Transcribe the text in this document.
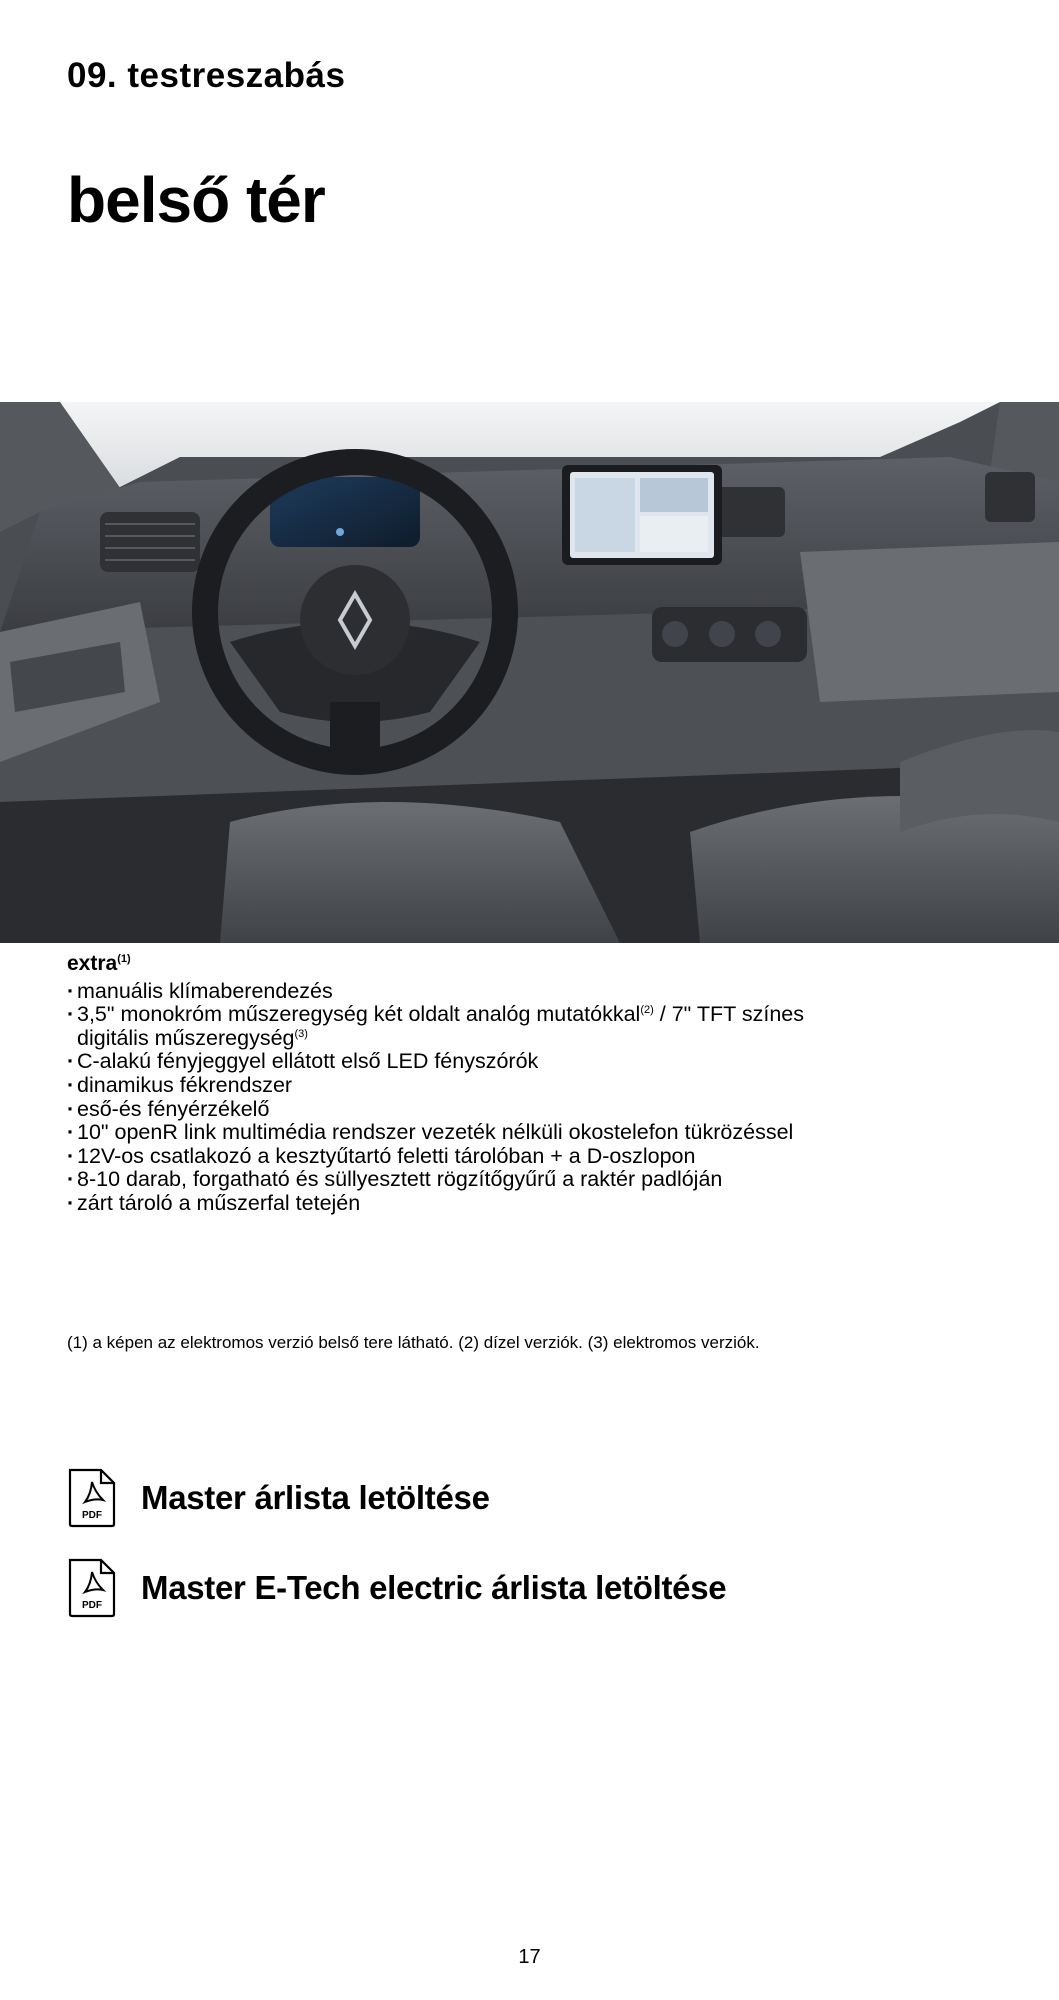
09. testreszabás
belső tér

extra$^{(1)}$

· manuális klímaberendezés
· 3,5" monokróm műszeregység két oldalt analóg mutatókkal$^{(2)}$ / 7" TFT színes
digitális műszeregység$^{(3)}$
· C-alakú fényjeggyel ellátott első LED fényszórók
· dinamikus fékrendszer
· eső-és fényérzékelő
· 10" openR link multimédia rendszer vezeték nélküli okostelefon tükrözéssel
· 12V-os csatlakozó a kesztyűtartó feletti tárolóban + a D-oszlopon
· 8-10 darab, forgatható és süllyesztett rögzítőgyűrű a raktér padlóján
· zárt tároló a műszerfal tetején

(1) a képen az elektromos verzió belső tere látható. (2) dízel verziók. (3) elektromos verziók.

PDF Master árlista letöltése
PDF Master E-Tech electric árlista letöltése

17
